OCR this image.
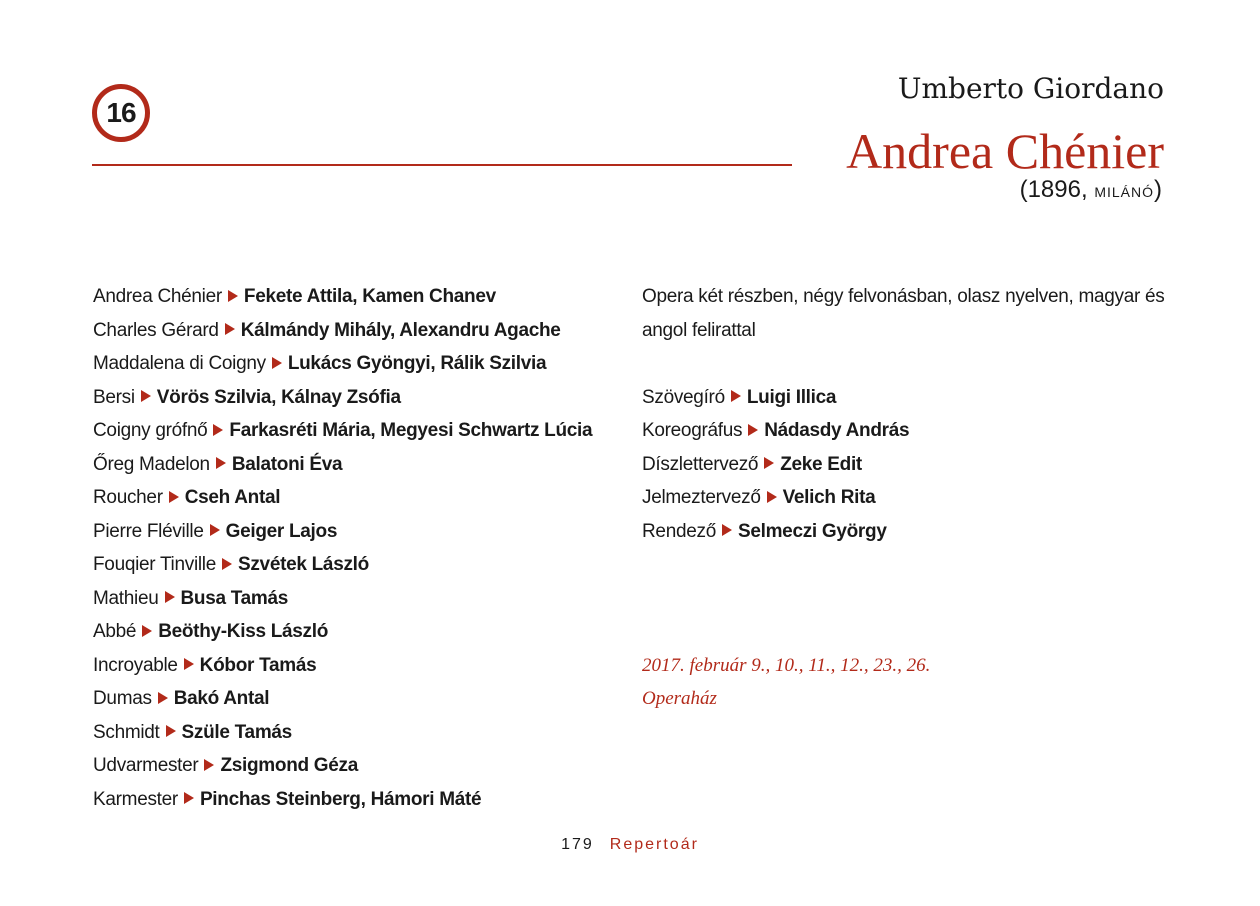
16
Umberto Giordano
Andrea Chénier
(1896, MILÁNÓ)
Andrea Chénier Fekete Attila, Kamen Chanev
Charles Gérard Kálmándy Mihály, Alexandru Agache
Maddalena di Coigny Lukács Gyöngyi, Rálik Szilvia
Bersi Vörös Szilvia, Kálnay Zsófia
Coigny grófnő Farkasréti Mária, Megyesi Schwartz Lúcia
Őreg Madelon Balatoni Éva
Roucher Cseh Antal
Pierre Fléville Geiger Lajos
Fouqier Tinville Szvétek László
Mathieu Busa Tamás
Abbé Beöthy-Kiss László
Incroyable Kóbor Tamás
Dumas Bakó Antal
Schmidt Szüle Tamás
Udvarmester Zsigmond Géza
Karmester Pinchas Steinberg, Hámori Máté
Opera két részben, négy felvonásban, olasz nyelven, magyar és angol felirattal
Szövegíró Luigi Illica
Koreográfus Nádasdy András
Díszlettervező Zeke Edit
Jelmeztervező Velich Rita
Rendező Selmeczi György
2017. február 9., 10., 11., 12., 23., 26.
Operaház
179 Repertoár
